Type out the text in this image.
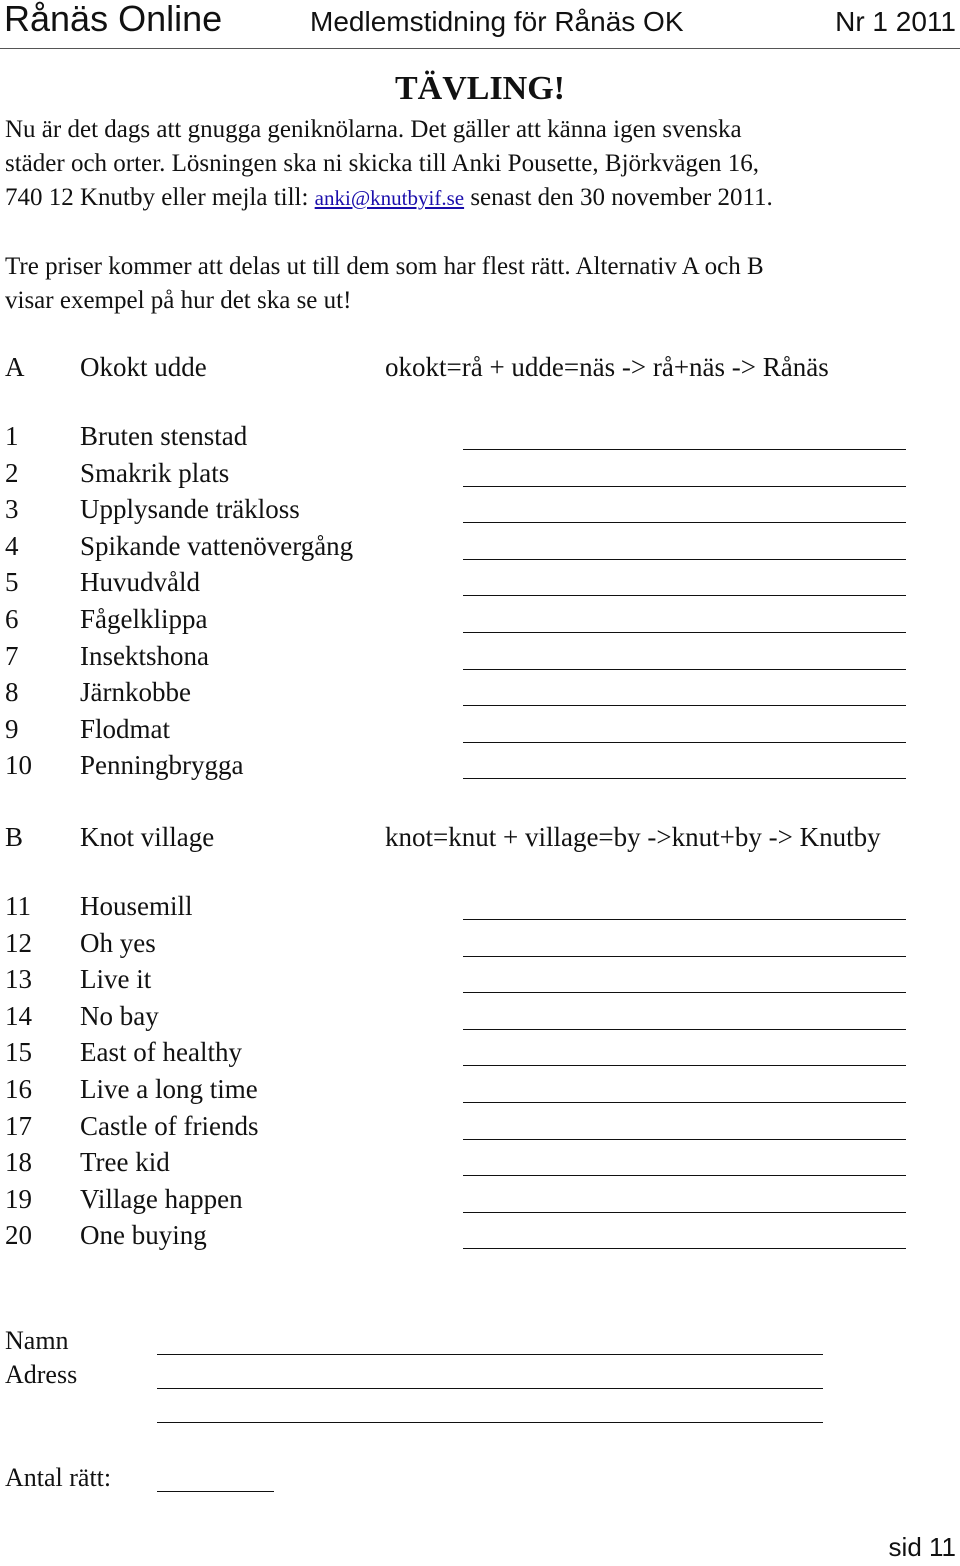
Rånäs Online	Medlemstidning för Rånäs OK	Nr 1 2011
TÄVLING!
Nu är det dags att gnugga geniknölarna. Det gäller att känna igen svenska
städer och orter. Lösningen ska ni skicka till Anki Pousette, Björkvägen 16,
740 12 Knutby eller mejla till: anki@knutbyif.se senast den 30 november 2011.
Tre priser kommer att delas ut till dem som har flest rätt. Alternativ A och B
visar exempel på hur det ska se ut!
A Okokt udde	okokt=rå + udde=näs -> rå+näs -> Rånäs
1 Bruten stenstad
2 Smakrik plats
3 Upplysande träkloss
4 Spikande vattenövergång
5 Huvudvåld
6 Fågelklippa
7 Insektshona
8 Järnkobbe
9 Flodmat
10 Penningbrygga
B Knot village	knot=knut + village=by ->knut+by -> Knutby
11 Housemill
12 Oh yes
13 Live it
14 No bay
15 East of healthy
16 Live a long time
17 Castle of friends
18 Tree kid
19 Village happen
20 One buying
Namn
Adress
Antal rätt:
sid 11
